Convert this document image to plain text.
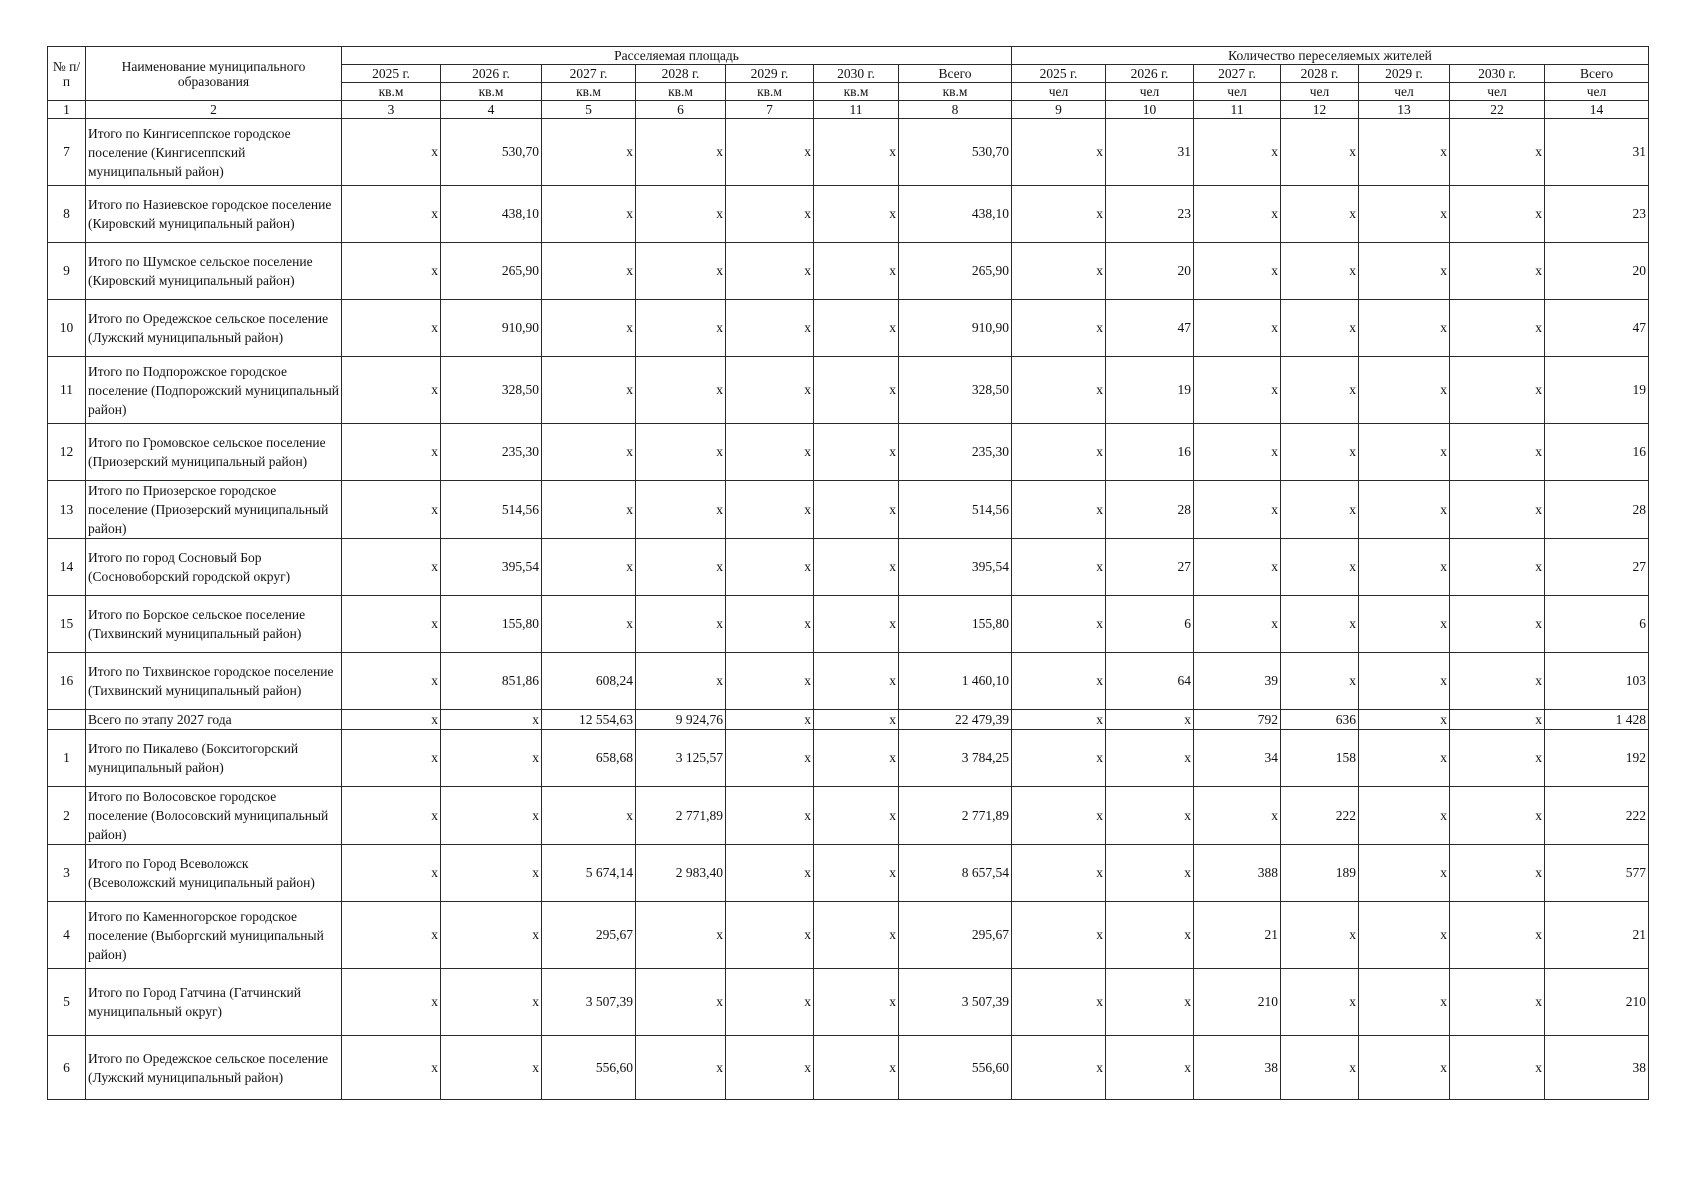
№ п/п	Наименование муниципального образования	Расселяемая площадь							Количество переселяемых жителей						
		2025 г.	2026 г.	2027 г.	2028 г.	2029 г.	2030 г.	Всего	2025 г.	2026 г.	2027 г.	2028 г.	2029 г.	2030 г.	Всего
		кв.м	кв.м	кв.м	кв.м	кв.м	кв.м	кв.м	чел	чел	чел	чел	чел	чел	чел
1	2	3	4	5	6	7	11	8	9	10	11	12	13	22	14
7	Итого по Кингисеппское городское поселение (Кингисеппский муниципальный район)	x	530,70	x	x	x	x	530,70	x	31	x	x	x	x	31
8	Итого по Назиевское городское поселение (Кировский муниципальный район)	x	438,10	x	x	x	x	438,10	x	23	x	x	x	x	23
9	Итого по Шумское сельское поселение (Кировский муниципальный район)	x	265,90	x	x	x	x	265,90	x	20	x	x	x	x	20
10	Итого по Оредежское сельское поселение (Лужский муниципальный район)	x	910,90	x	x	x	x	910,90	x	47	x	x	x	x	47
11	Итого по Подпорожское городское поселение (Подпорожский муниципальный район)	x	328,50	x	x	x	x	328,50	x	19	x	x	x	x	19
12	Итого по Громовское сельское поселение (Приозерский муниципальный район)	x	235,30	x	x	x	x	235,30	x	16	x	x	x	x	16
13	Итого по Приозерское городское поселение (Приозерский муниципальный район)	x	514,56	x	x	x	x	514,56	x	28	x	x	x	x	28
14	Итого по город Сосновый Бор (Сосновоборский городской округ)	x	395,54	x	x	x	x	395,54	x	27	x	x	x	x	27
15	Итого по Борское сельское поселение (Тихвинский муниципальный район)	x	155,80	x	x	x	x	155,80	x	6	x	x	x	x	6
16	Итого по Тихвинское городское поселение (Тихвинский муниципальный район)	x	851,86	608,24	x	x	x	1 460,10	x	64	39	x	x	x	103
	Всего по этапу 2027 года	x	x	12 554,63	9 924,76	x	x	22 479,39	x	x	792	636	x	x	1 428
1	Итого по Пикалево (Бокситогорский муниципальный район)	x	x	658,68	3 125,57	x	x	3 784,25	x	x	34	158	x	x	192
2	Итого по Волосовское городское поселение (Волосовский муниципальный район)	x	x	x	2 771,89	x	x	2 771,89	x	x	x	222	x	x	222
3	Итого по Город Всеволожск (Всеволожский муниципальный район)	x	x	5 674,14	2 983,40	x	x	8 657,54	x	x	388	189	x	x	577
4	Итого по Каменногорское городское поселение (Выборгский муниципальный район)	x	x	295,67	x	x	x	295,67	x	x	21	x	x	x	21
5	Итого по Город Гатчина (Гатчинский муниципальный округ)	x	x	3 507,39	x	x	x	3 507,39	x	x	210	x	x	x	210
6	Итого по Оредежское сельское поселение (Лужский муниципальный район)	x	x	556,60	x	x	x	556,60	x	x	38	x	x	x	38
